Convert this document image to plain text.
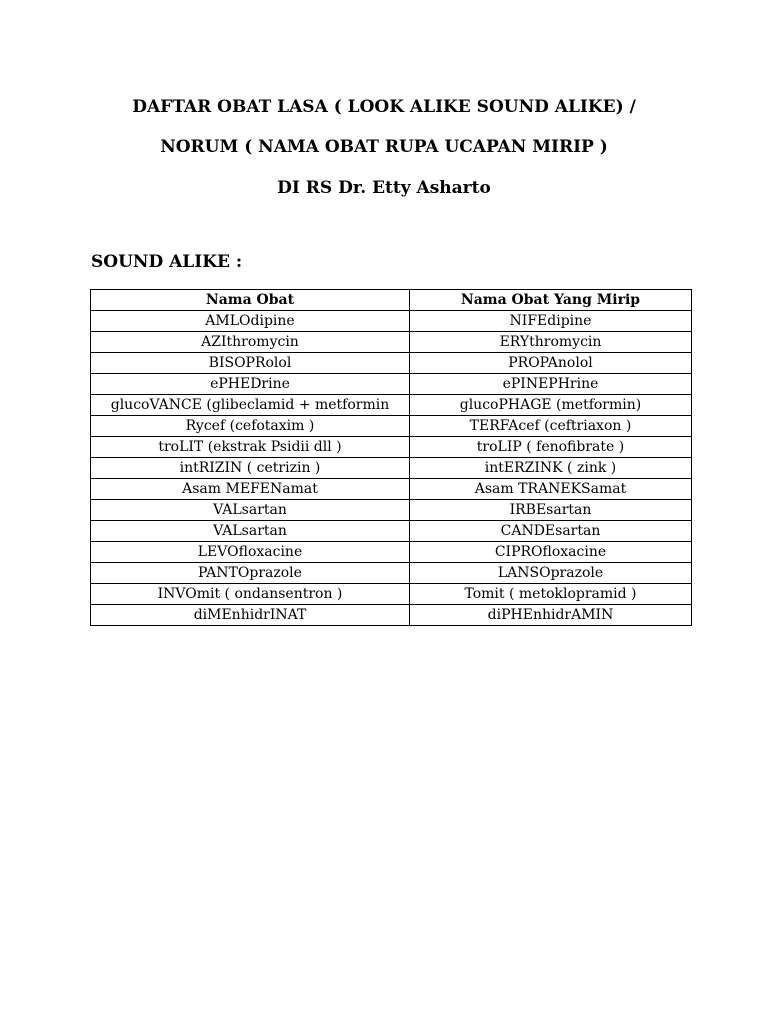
DAFTAR OBAT LASA ( LOOK ALIKE SOUND ALIKE) /
NORUM ( NAMA OBAT RUPA UCAPAN MIRIP )
DI RS Dr. Etty Asharto
SOUND ALIKE :
Nama Obat	Nama Obat Yang Mirip
AMLOdipine	NIFEdipine
AZIthromycin	ERYthromycin
BISOPRolol	PROPAnolol
ePHEDrine	ePINEPHrine
glucoVANCE (glibeclamid + metformin	glucoPHAGE (metformin)
Rycef (cefotaxim )	TERFAcef (ceftriaxon )
troLIT (ekstrak Psidii dll )	troLIP ( fenofibrate )
intRIZIN ( cetrizin )	intERZINK ( zink )
Asam MEFENamat	Asam TRANEKSamat
VALsartan	IRBEsartan
VALsartan	CANDEsartan
LEVOfloxacine	CIPROfloxacine
PANTOprazole	LANSOprazole
INVOmit ( ondansentron )	Tomit ( metoklopramid )
diMEnhidrINAT	diPHEnhidrAMIN
